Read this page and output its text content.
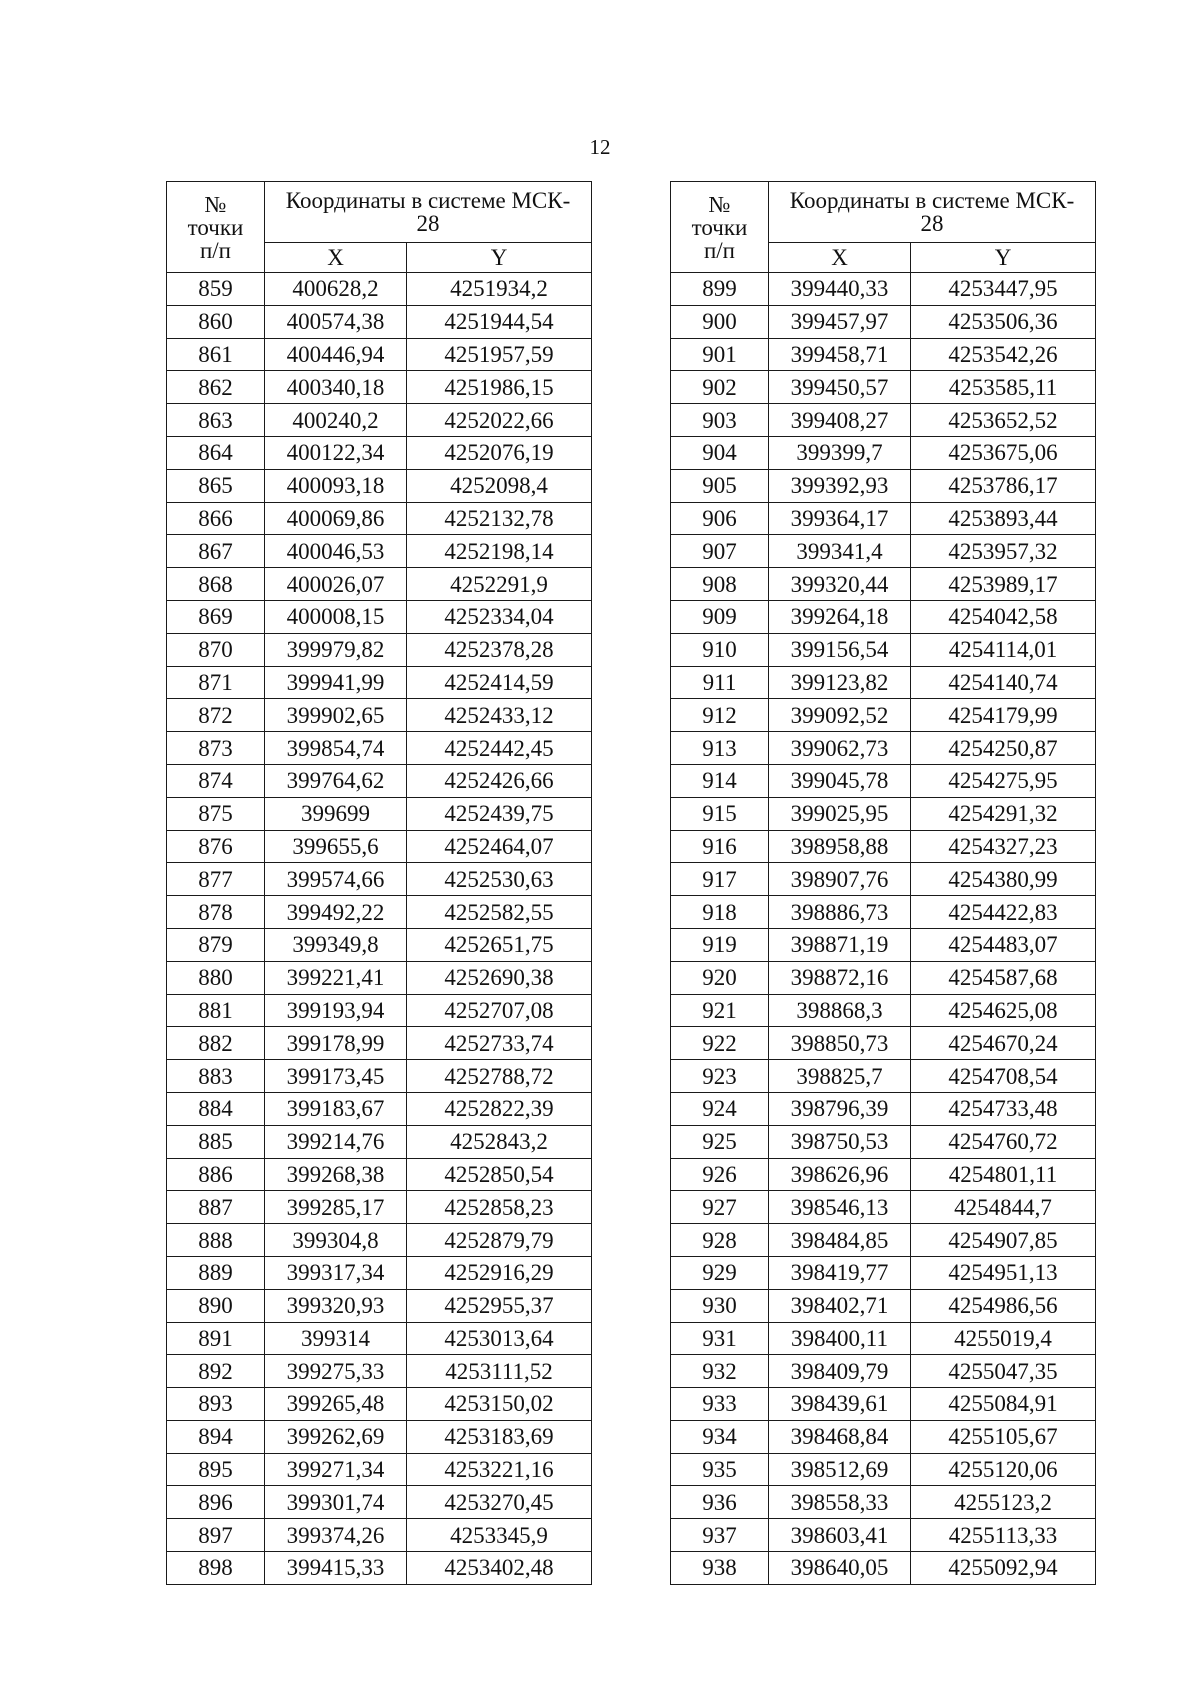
12
№
точки
п/п	Координаты в системе МСК-
28	

	X	Y
859	400628,2	4251934,2
860	400574,38	4251944,54
861	400446,94	4251957,59
862	400340,18	4251986,15
863	400240,2	4252022,66
864	400122,34	4252076,19
865	400093,18	4252098,4
866	400069,86	4252132,78
867	400046,53	4252198,14
868	400026,07	4252291,9
869	400008,15	4252334,04
870	399979,82	4252378,28
871	399941,99	4252414,59
872	399902,65	4252433,12
873	399854,74	4252442,45
874	399764,62	4252426,66
875	399699	4252439,75
876	399655,6	4252464,07
877	399574,66	4252530,63
878	399492,22	4252582,55
879	399349,8	4252651,75
880	399221,41	4252690,38
881	399193,94	4252707,08
882	399178,99	4252733,74
883	399173,45	4252788,72
884	399183,67	4252822,39
885	399214,76	4252843,2
886	399268,38	4252850,54
887	399285,17	4252858,23
888	399304,8	4252879,79
889	399317,34	4252916,29
890	399320,93	4252955,37
891	399314	4253013,64
892	399275,33	4253111,52
893	399265,48	4253150,02
894	399262,69	4253183,69
895	399271,34	4253221,16
896	399301,74	4253270,45
897	399374,26	4253345,9
898	399415,33	4253402,48
№
точки
п/п	Координаты в системе МСК-
28	

	X	Y
899	399440,33	4253447,95
900	399457,97	4253506,36
901	399458,71	4253542,26
902	399450,57	4253585,11
903	399408,27	4253652,52
904	399399,7	4253675,06
905	399392,93	4253786,17
906	399364,17	4253893,44
907	399341,4	4253957,32
908	399320,44	4253989,17
909	399264,18	4254042,58
910	399156,54	4254114,01
911	399123,82	4254140,74
912	399092,52	4254179,99
913	399062,73	4254250,87
914	399045,78	4254275,95
915	399025,95	4254291,32
916	398958,88	4254327,23
917	398907,76	4254380,99
918	398886,73	4254422,83
919	398871,19	4254483,07
920	398872,16	4254587,68
921	398868,3	4254625,08
922	398850,73	4254670,24
923	398825,7	4254708,54
924	398796,39	4254733,48
925	398750,53	4254760,72
926	398626,96	4254801,11
927	398546,13	4254844,7
928	398484,85	4254907,85
929	398419,77	4254951,13
930	398402,71	4254986,56
931	398400,11	4255019,4
932	398409,79	4255047,35
933	398439,61	4255084,91
934	398468,84	4255105,67
935	398512,69	4255120,06
936	398558,33	4255123,2
937	398603,41	4255113,33
938	398640,05	4255092,94
